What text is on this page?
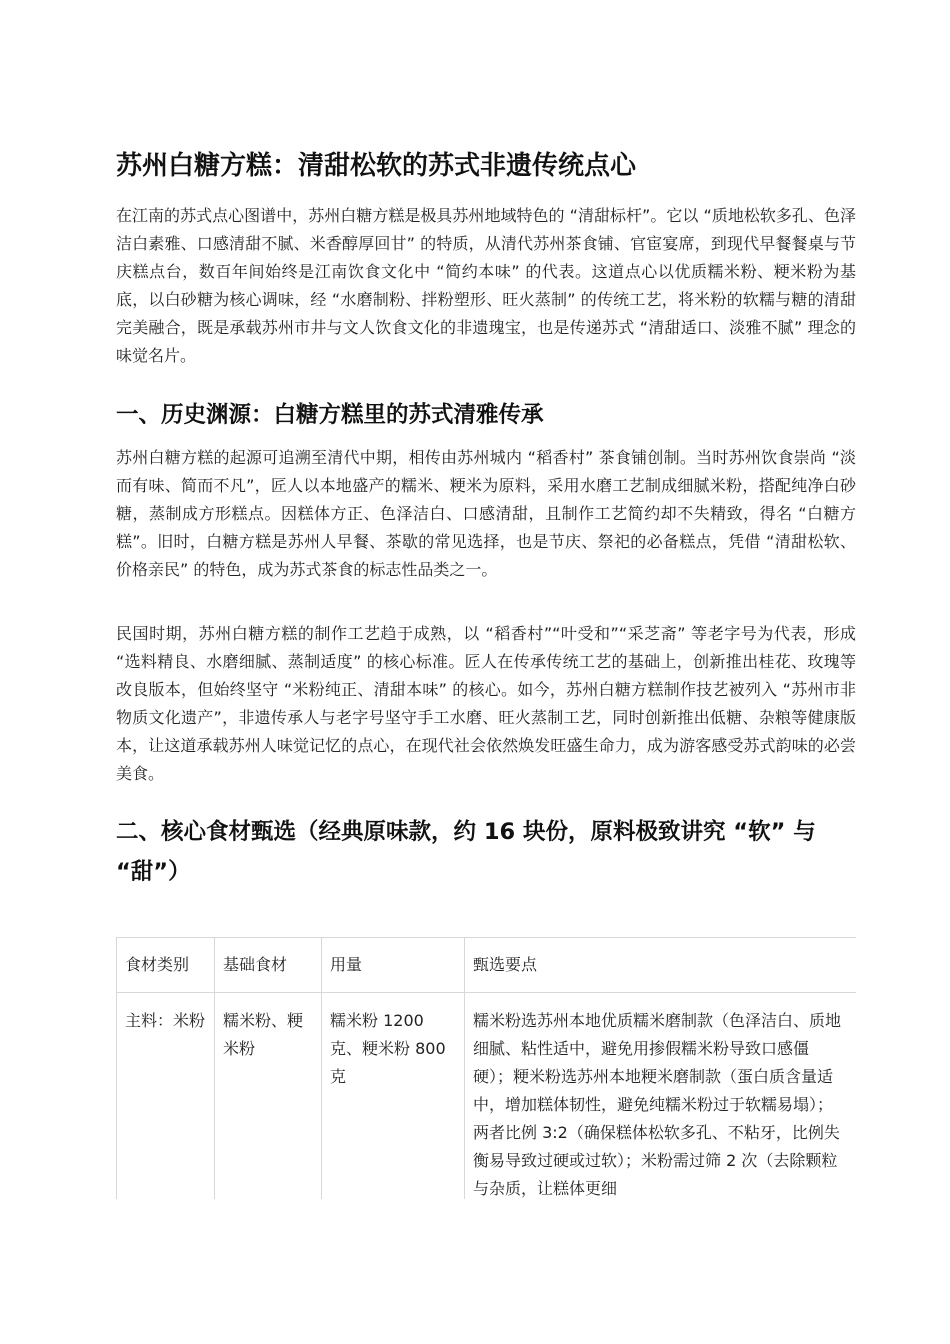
苏州白糖方糕：清甜松软的苏式非遗传统点心

在江南的苏式点心图谱中，苏州白糖方糕是极具苏州地域特色的 “清甜标杆”。它以 “质地松软多孔、色泽洁白素雅、口感清甜不腻、米香醇厚回甘” 的特质，从清代苏州茶食铺、官宦宴席，到现代早餐餐桌与节庆糕点台，数百年间始终是江南饮食文化中 “简约本味” 的代表。这道点心以优质糯米粉、粳米粉为基底，以白砂糖为核心调味，经 “水磨制粉、拌粉塑形、旺火蒸制” 的传统工艺，将米粉的软糯与糖的清甜完美融合，既是承载苏州市井与文人饮食文化的非遗瑰宝，也是传递苏式 “清甜适口、淡雅不腻” 理念的味觉名片。

一、历史渊源：白糖方糕里的苏式清雅传承

苏州白糖方糕的起源可追溯至清代中期，相传由苏州城内 “稻香村” 茶食铺创制。当时苏州饮食崇尚 “淡而有味、简而不凡”，匠人以本地盛产的糯米、粳米为原料，采用水磨工艺制成细腻米粉，搭配纯净白砂糖，蒸制成方形糕点。因糕体方正、色泽洁白、口感清甜，且制作工艺简约却不失精致，得名 “白糖方糕”。旧时，白糖方糕是苏州人早餐、茶歇的常见选择，也是节庆、祭祀的必备糕点，凭借 “清甜松软、价格亲民” 的特色，成为苏式茶食的标志性品类之一。

民国时期，苏州白糖方糕的制作工艺趋于成熟，以 “稻香村”“叶受和”“采芝斋” 等老字号为代表，形成 “选料精良、水磨细腻、蒸制适度” 的核心标准。匠人在传承传统工艺的基础上，创新推出桂花、玫瑰等改良版本，但始终坚守 “米粉纯正、清甜本味” 的核心。如今，苏州白糖方糕制作技艺被列入 “苏州市非物质文化遗产”，非遗传承人与老字号坚守手工水磨、旺火蒸制工艺，同时创新推出低糖、杂粮等健康版本，让这道承载苏州人味觉记忆的点心，在现代社会依然焕发旺盛生命力，成为游客感受苏式韵味的必尝美食。

二、核心食材甄选（经典原味款，约 16 块份，原料极致讲究 “软” 与 “甜”）
食材类别	基础食材	用量	甄选要点
主料：米粉	糯米粉、粳米粉	糯米粉 1200 克、粳米粉 800 克	糯米粉选苏州本地优质糯米磨制款（色泽洁白、质地细腻、粘性适中，避免用掺假糯米粉导致口感僵硬）；粳米粉选苏州本地粳米磨制款（蛋白质含量适中，增加糕体韧性，避免纯糯米粉过于软糯易塌）；两者比例 3:2（确保糕体松软多孔、不粘牙，比例失衡易导致过硬或过软）；米粉需过筛 2 次（去除颗粒与杂质，让糕体更细
